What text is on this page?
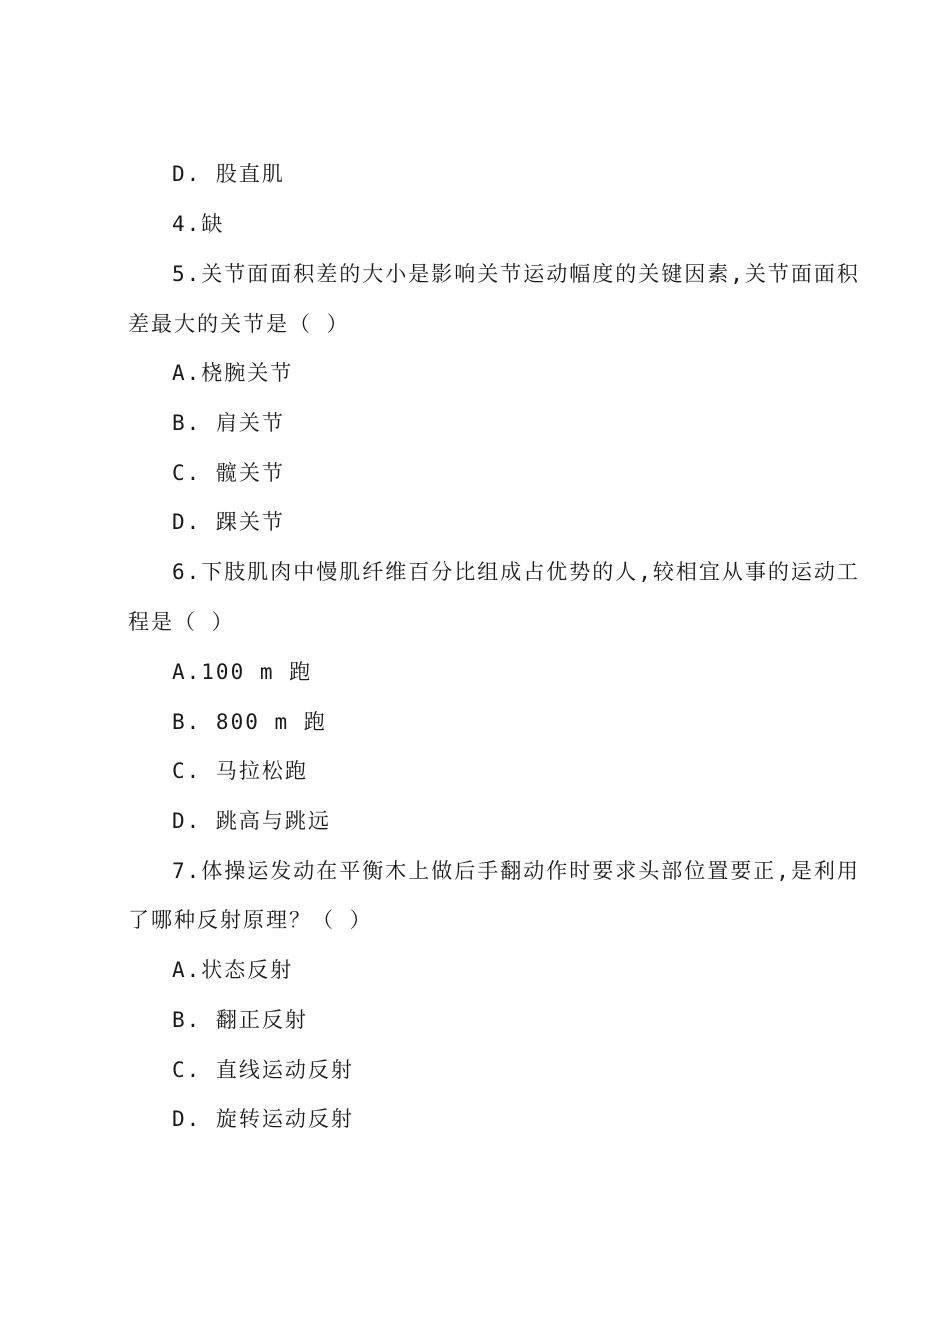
D. 股直肌
4.缺
5.关节面面积差的大小是影响关节运动幅度的关键因素,关节面面积
差最大的关节是（ ）
A.桡腕关节
B. 肩关节
C. 髋关节
D. 踝关节
6.下肢肌肉中慢肌纤维百分比组成占优势的人,较相宜从事的运动工
程是（ ）
A.100 m 跑
B. 800 m 跑
C. 马拉松跑
D. 跳高与跳远
7.体操运发动在平衡木上做后手翻动作时要求头部位置要正,是利用
了哪种反射原理？（ ）
A.状态反射
B. 翻正反射
C. 直线运动反射
D. 旋转运动反射
